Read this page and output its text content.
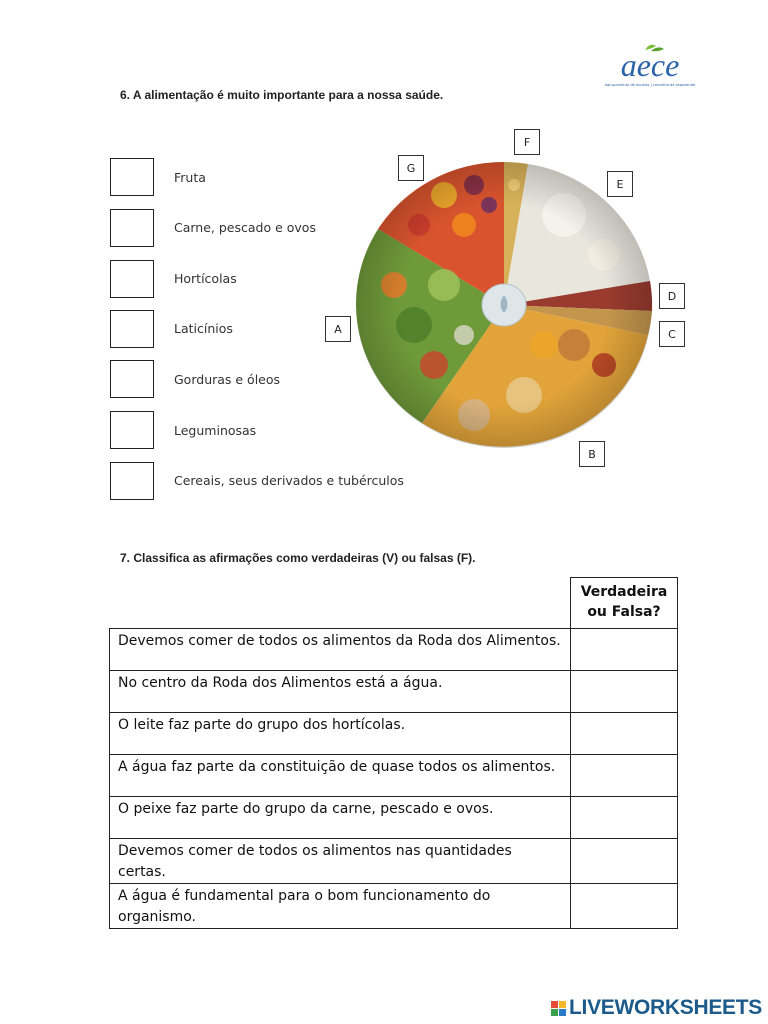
aece
agrupamento de escolas | concelho de esposende
6. A alimentação é muito importante para a nossa saúde.
Fruta
Carne, pescado e ovos
Hortícolas
Laticínios
Gorduras e óleos
Leguminosas
Cereais, seus derivados e tubérculos
F
G
E
D
A	C
B
7. Classifica as afirmações como verdadeiras (V) ou falsas (F).
	Verdadeira
ou Falsa?
Devemos comer de todos os alimentos da Roda dos Alimentos.	
No centro da Roda dos Alimentos está a água.	
O leite faz parte do grupo dos hortícolas.	
A água faz parte da constituição de quase todos os alimentos.	
O peixe faz parte do grupo da carne, pescado e ovos.	
Devemos comer de todos os alimentos nas quantidades certas.	
A água é fundamental para o bom funcionamento do organismo.	
LIVEWORKSHEETS
